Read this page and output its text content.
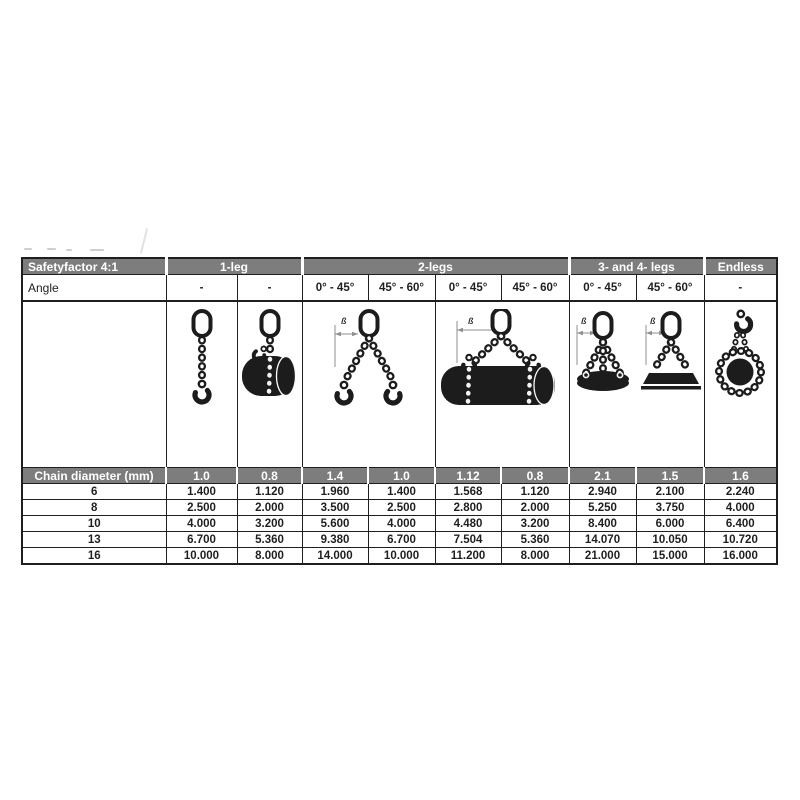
Safetyfactor 4:1	1-leg		2-legs				3- and 4- legs		Endless
Angle	-	-	0° - 45°	45° - 60°	0° - 45°	45° - 60°	0° - 45°	45° - 60°	-

ß		ß		ß ß

Chain diameter (mm)	1.0	0.8	1.4	1.0	1.12	0.8	2.1	1.5	1.6
6	1.400	1.120	1.960	1.400	1.568	1.120	2.940	2.100	2.240
8	2.500	2.000	3.500	2.500	2.800	2.000	5.250	3.750	4.000
10	4.000	3.200	5.600	4.000	4.480	3.200	8.400	6.000	6.400
13	6.700	5.360	9.380	6.700	7.504	5.360	14.070	10.050	10.720
16	10.000	8.000	14.000	10.000	11.200	8.000	21.000	15.000	16.000
